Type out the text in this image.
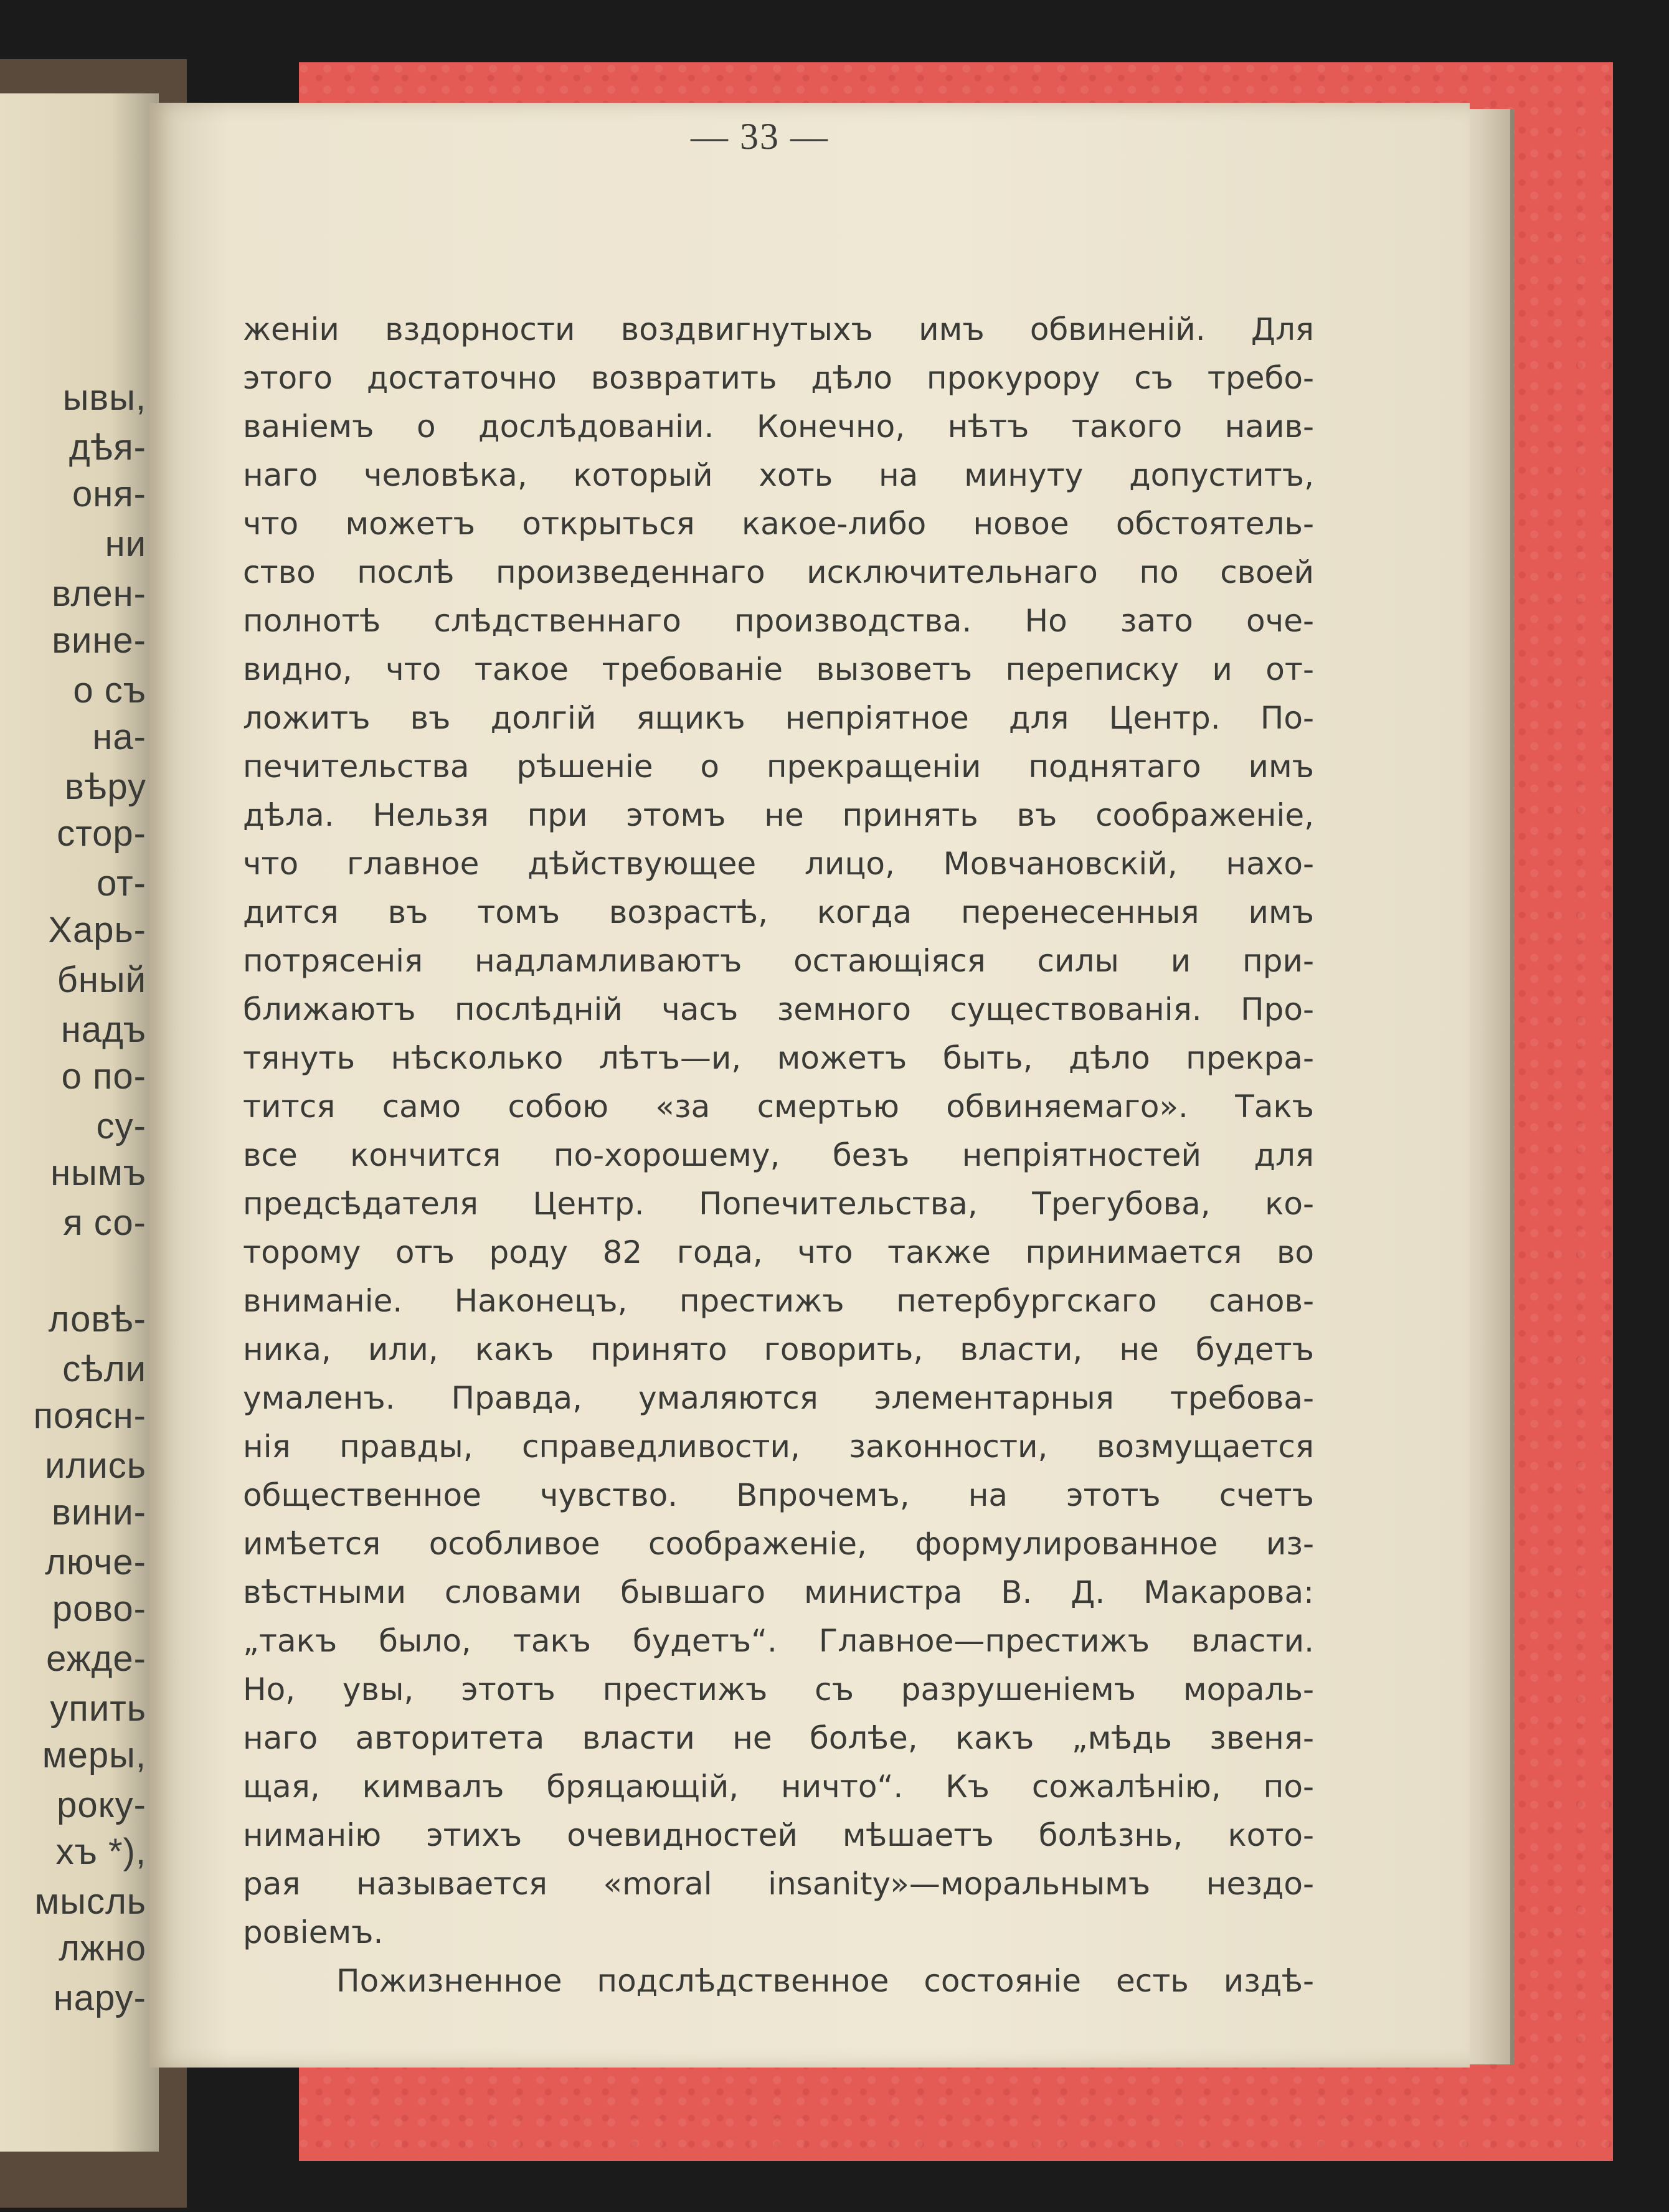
ывы,
дѣя-
оня-
ни
влен-
вине-
о съ
на-
вѣру
стор-
от-
Харь-
бный
надъ
о по-
су-
нымъ
я со-
ловѣ-
сѣли
поясн-
ились
вини-
люче-
рово-
ежде-
упить
меры,
року-
хъ *),
мысль
лжно
нару-
— 33 —
женіи вздорности воздвигнутыхъ имъ обвиненій. Для
этого достаточно возвратить дѣло прокурору съ требо-
ваніемъ о дослѣдованіи. Конечно, нѣтъ такого наив-
наго человѣка, который хоть на минуту допуститъ,
что можетъ открыться какое-либо новое обстоятель-
ство послѣ произведеннаго исключительнаго по своей
полнотѣ слѣдственнаго производства. Но зато оче-
видно, что такое требованіе вызоветъ переписку и от-
ложитъ въ долгій ящикъ непріятное для Центр. По-
печительства рѣшеніе о прекращеніи поднятаго имъ
дѣла. Нельзя при этомъ не принять въ соображеніе,
что главное дѣйствующее лицо, Мовчановскій, нахо-
дится въ томъ возрастѣ, когда перенесенныя имъ
потрясенія надламливаютъ остающіяся силы и при-
ближаютъ послѣдній часъ земного существованія. Про-
тянуть нѣсколько лѣтъ—и, можетъ быть, дѣло прекра-
тится само собою «за смертью обвиняемаго». Такъ
все кончится по-хорошему, безъ непріятностей для
предсѣдателя Центр. Попечительства, Трегубова, ко-
торому отъ роду 82 года, что также принимается во
вниманіе. Наконецъ, престижъ петербургскаго санов-
ника, или, какъ принято говорить, власти, не будетъ
умаленъ. Правда, умаляются элементарныя требова-
нія правды, справедливости, законности, возмущается
общественное чувство. Впрочемъ, на этотъ счетъ
имѣется особливое соображеніе, формулированное из-
вѣстными словами бывшаго министра В. Д. Макарова:
„такъ было, такъ будетъ“. Главное—престижъ власти.
Но, увы, этотъ престижъ съ разрушеніемъ мораль-
наго авторитета власти не болѣе, какъ „мѣдь звеня-
щая, кимвалъ бряцающій, ничто“. Къ сожалѣнію, по-
ниманію этихъ очевидностей мѣшаетъ болѣзнь, кото-
рая называется «moral insanity»—моральнымъ нездо-
ровіемъ.
Пожизненное подслѣдственное состояніе есть издѣ-
